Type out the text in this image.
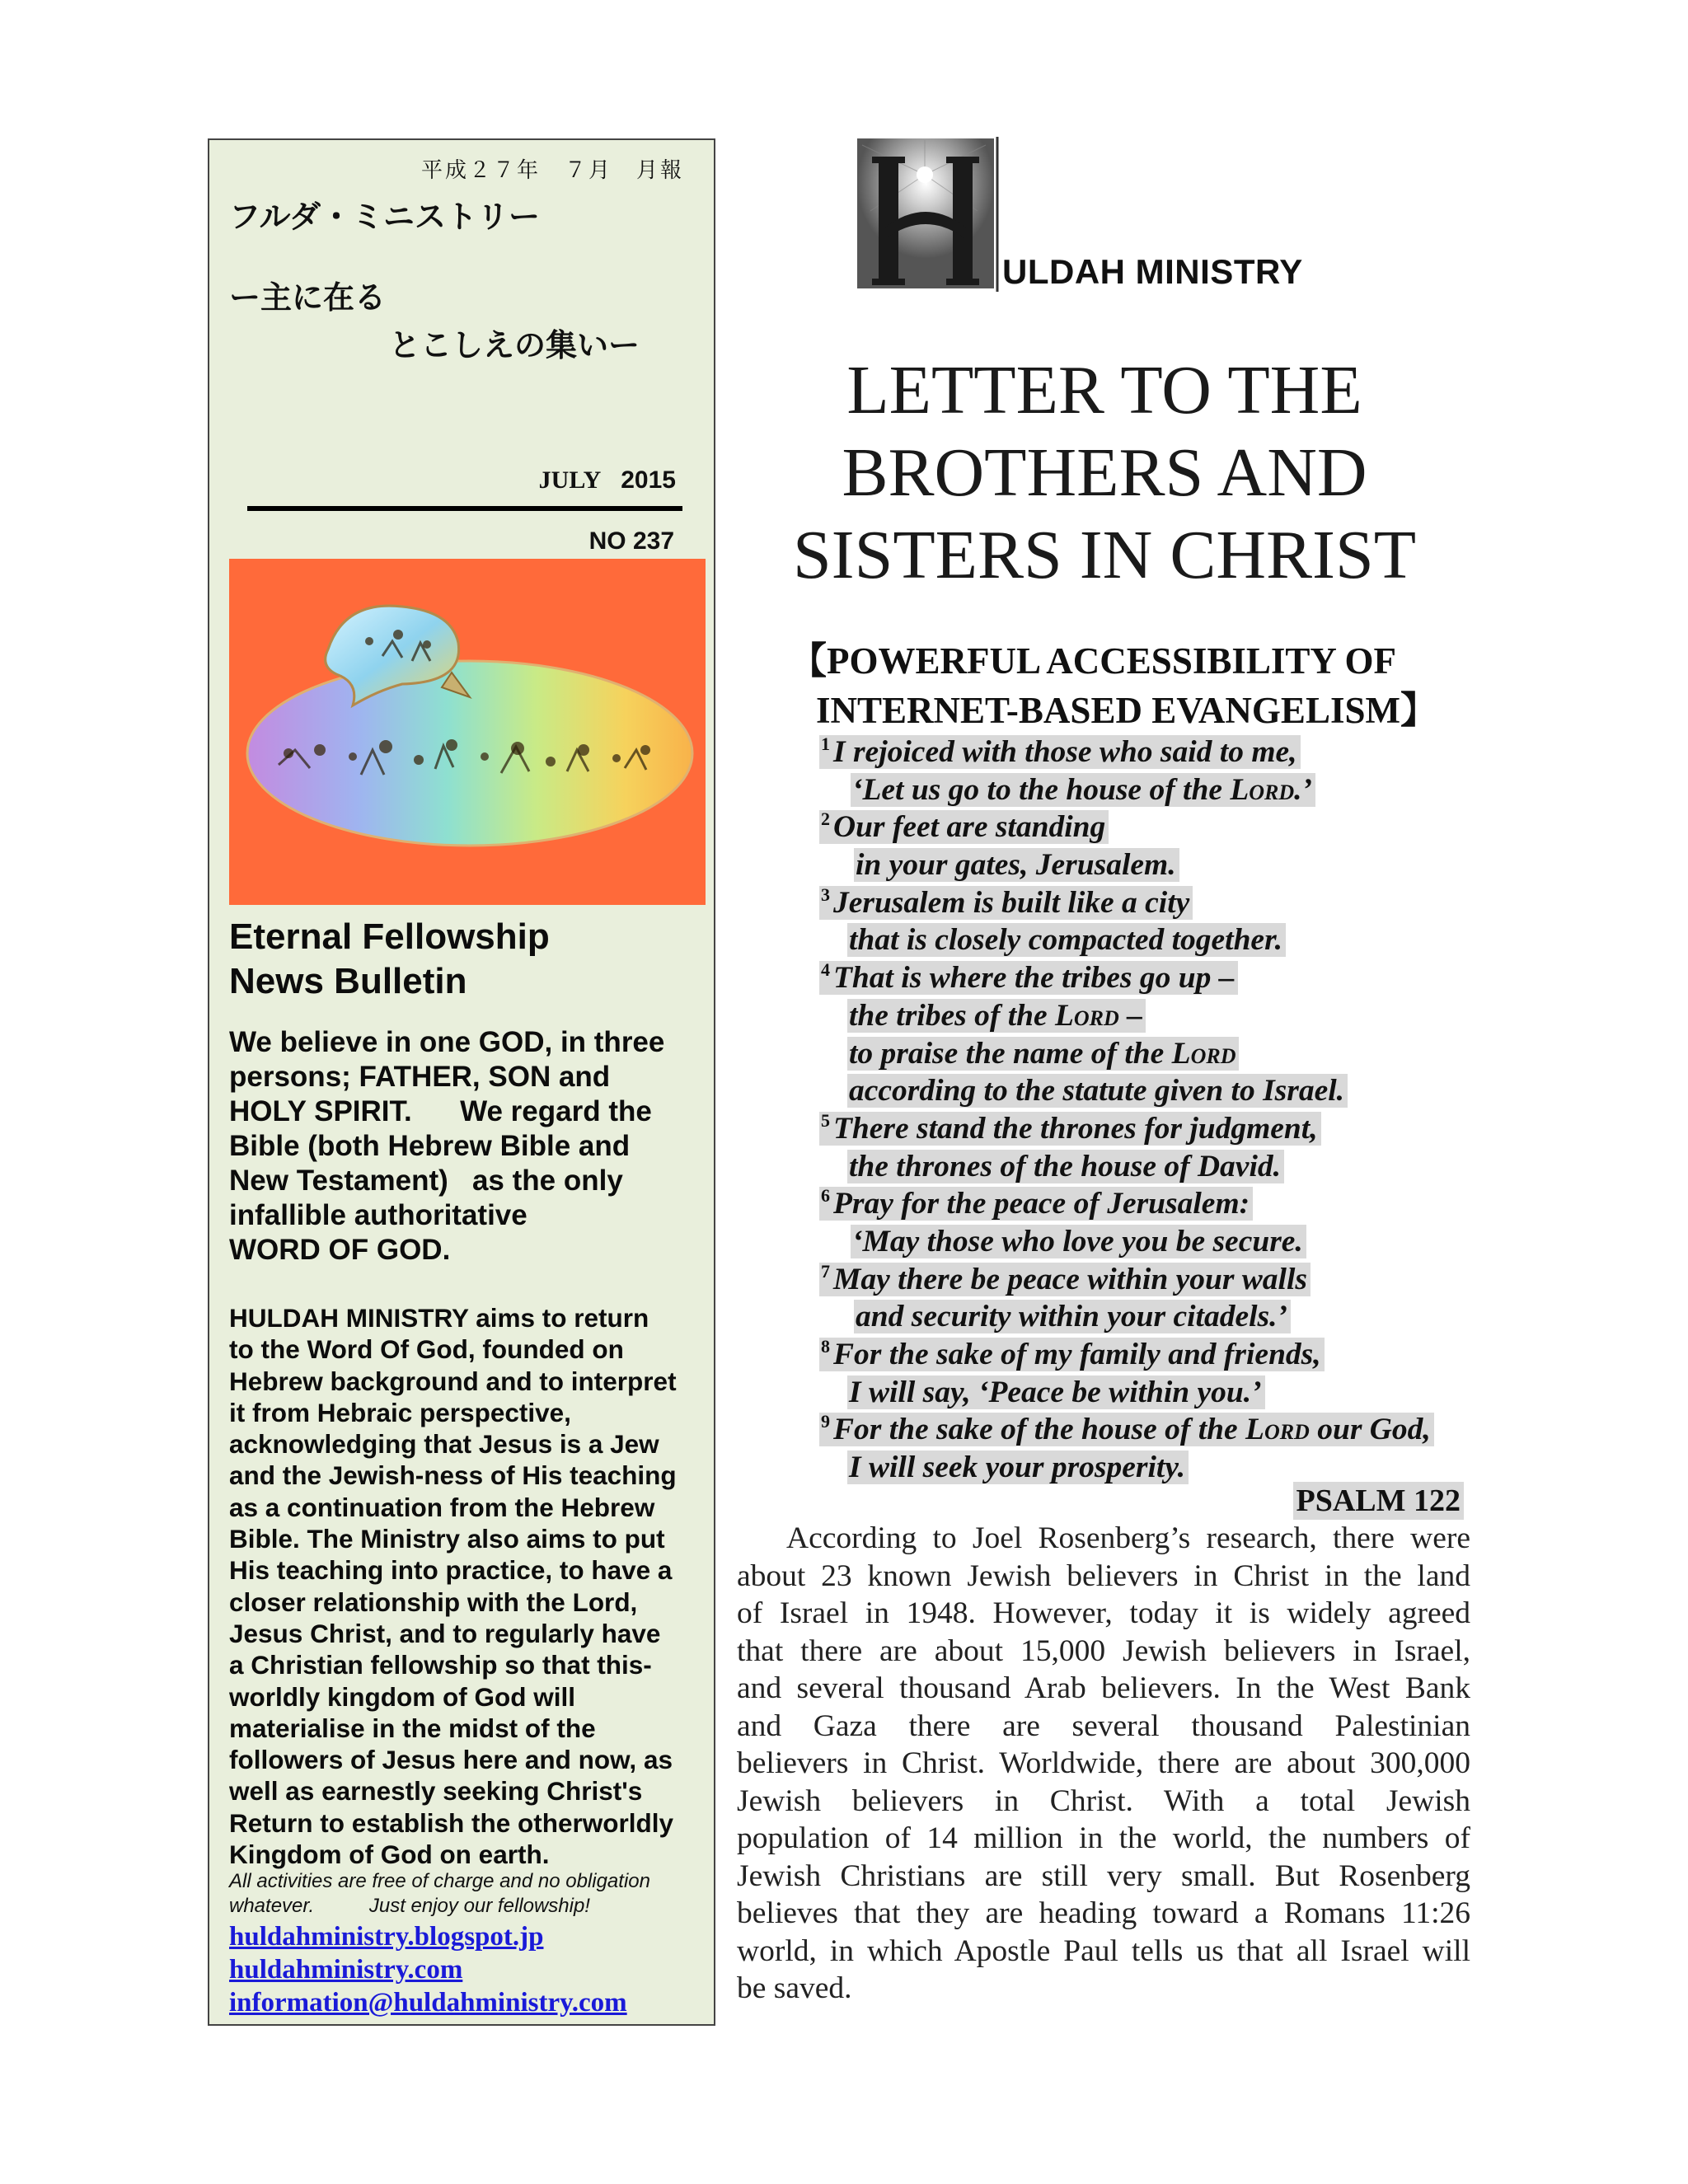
平成２７年　７月　月報
フルダ・ミニストリー
ー主に在る
とこしえの集いー
JULY 2015
NO 237
Eternal Fellowship
News Bulletin
We believe in one GOD, in three
persons; FATHER, SON and
HOLY SPIRIT.      We regard the
Bible (both Hebrew Bible and
New Testament)   as the only
infallible authoritative
WORD OF GOD.
HULDAH MINISTRY aims to return
to the Word Of God, founded on
Hebrew background and to interpret
it from Hebraic perspective,
acknowledging that Jesus is a Jew
and the Jewish-ness of His teaching
as a continuation from the Hebrew
Bible. The Ministry also aims to put
His teaching into practice, to have a
closer relationship with the Lord,
Jesus Christ, and to regularly have
a Christian fellowship so that this-
worldly kingdom of God will
materialise in the midst of the
followers of Jesus here and now, as
well as earnestly seeking Christ's
Return to establish the otherworldly
Kingdom of God on earth.
All activities are free of charge and no obligation
whatever.          Just enjoy our fellowship!
huldahministry.blogspot.jp
huldahministry.com
information@huldahministry.com
ULDAH MINISTRY
LETTER TO THE
BROTHERS AND
SISTERS IN CHRIST
【POWERFUL ACCESSIBILITY OF
INTERNET-BASED EVANGELISM】
$^1$ I rejoiced with those who said to me,
‘Let us go to the house of the Lord.’
$^2$ Our feet are standing
in your gates, Jerusalem.
$^3$ Jerusalem is built like a city
that is closely compacted together.
$^4$ That is where the tribes go up –
the tribes of the Lord –
to praise the name of the Lord
according to the statute given to Israel.
$^5$ There stand the thrones for judgment,
the thrones of the house of David.
$^6$ Pray for the peace of Jerusalem:
‘May those who love you be secure.
$^7$ May there be peace within your walls
and security within your citadels.’
$^8$ For the sake of my family and friends,
I will say, ‘Peace be within you.’
$^9$ For the sake of the house of the Lord our God,
I will seek your prosperity.
PSALM 122
According to Joel Rosenberg’s research, there were
about 23 known Jewish believers in Christ in the land
of Israel in 1948. However, today it is widely agreed
that there are about 15,000 Jewish believers in Israel,
and several thousand Arab believers. In the West Bank
and Gaza there are several thousand Palestinian
believers in Christ. Worldwide, there are about 300,000
Jewish believers in Christ. With a total Jewish
population of 14 million in the world, the numbers of
Jewish Christians are still very small. But Rosenberg
believes that they are heading toward a Romans 11:26
world, in which Apostle Paul tells us that all Israel will
be saved.
